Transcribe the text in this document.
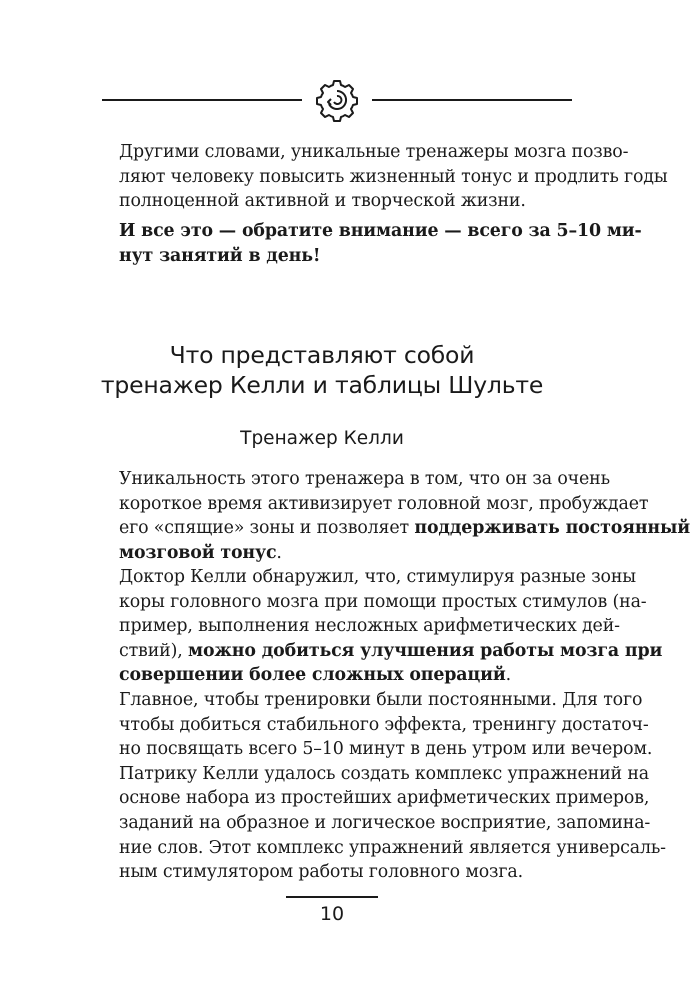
Другими словами, уникальные тренажеры мозга позво-
ляют человеку повысить жизненный тонус и продлить годы
полноценной активной и творческой жизни.
И все это — обратите внимание — всего за 5–10 ми-
нут занятий в день!
Что представляют собой
тренажер Келли и таблицы Шульте
Тренажер Келли
Уникальность этого тренажера в том, что он за очень
короткое время активизирует головной мозг, пробуждает
его «спящие» зоны и позволяет поддерживать постоянный
мозговой тонус.
Доктор Келли обнаружил, что, стимулируя разные зоны
коры головного мозга при помощи простых стимулов (на-
пример, выполнения несложных арифметических дей-
ствий), можно добиться улучшения работы мозга при
совершении более сложных операций.
Главное, чтобы тренировки были постоянными. Для того
чтобы добиться стабильного эффекта, тренингу достаточ-
но посвящать всего 5–10 минут в день утром или вечером.
Патрику Келли удалось создать комплекс упражнений на
основе набора из простейших арифметических примеров,
заданий на образное и логическое восприятие, запомина-
ние слов. Этот комплекс упражнений является универсаль-
ным стимулятором работы головного мозга.
10
